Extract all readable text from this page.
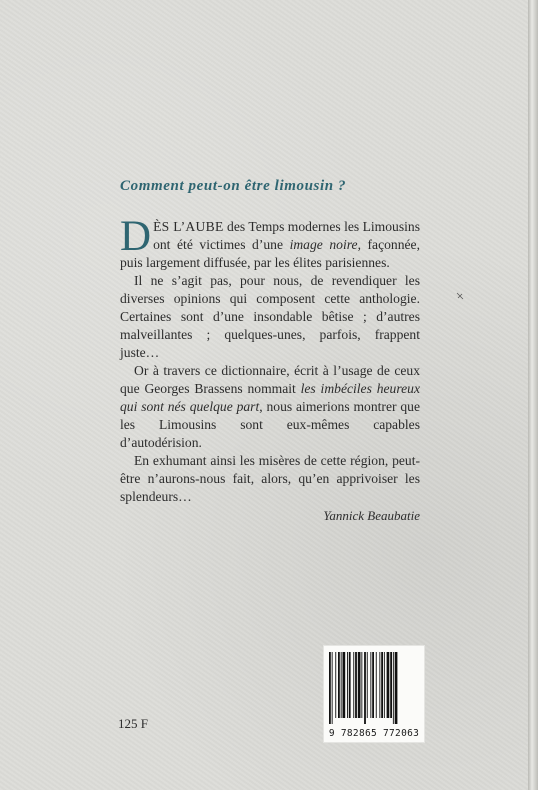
Comment peut-on être limousin ?

DÈS L’AUBE des Temps modernes les Limousins ont été victimes d’une image noire, façonnée, puis largement diffusée, par les élites parisiennes.

Il ne s’agit pas, pour nous, de revendiquer les diverses opinions qui composent cette anthologie. Certaines sont d’une insondable bêtise ; d’autres malveillantes ; quelques-unes, parfois, frappent juste…

Or à travers ce dictionnaire, écrit à l’usage de ceux que Georges Brassens nommait les imbéciles heureux qui sont nés quelque part, nous aimerions montrer que les Limousins sont eux-mêmes capables d’autodérision.

En exhumant ainsi les misères de cette région, peut-être n’aurons-nous fait, alors, qu’en apprivoiser les splendeurs…

Yannick Beaubatie

125 F

9 782865 772063
